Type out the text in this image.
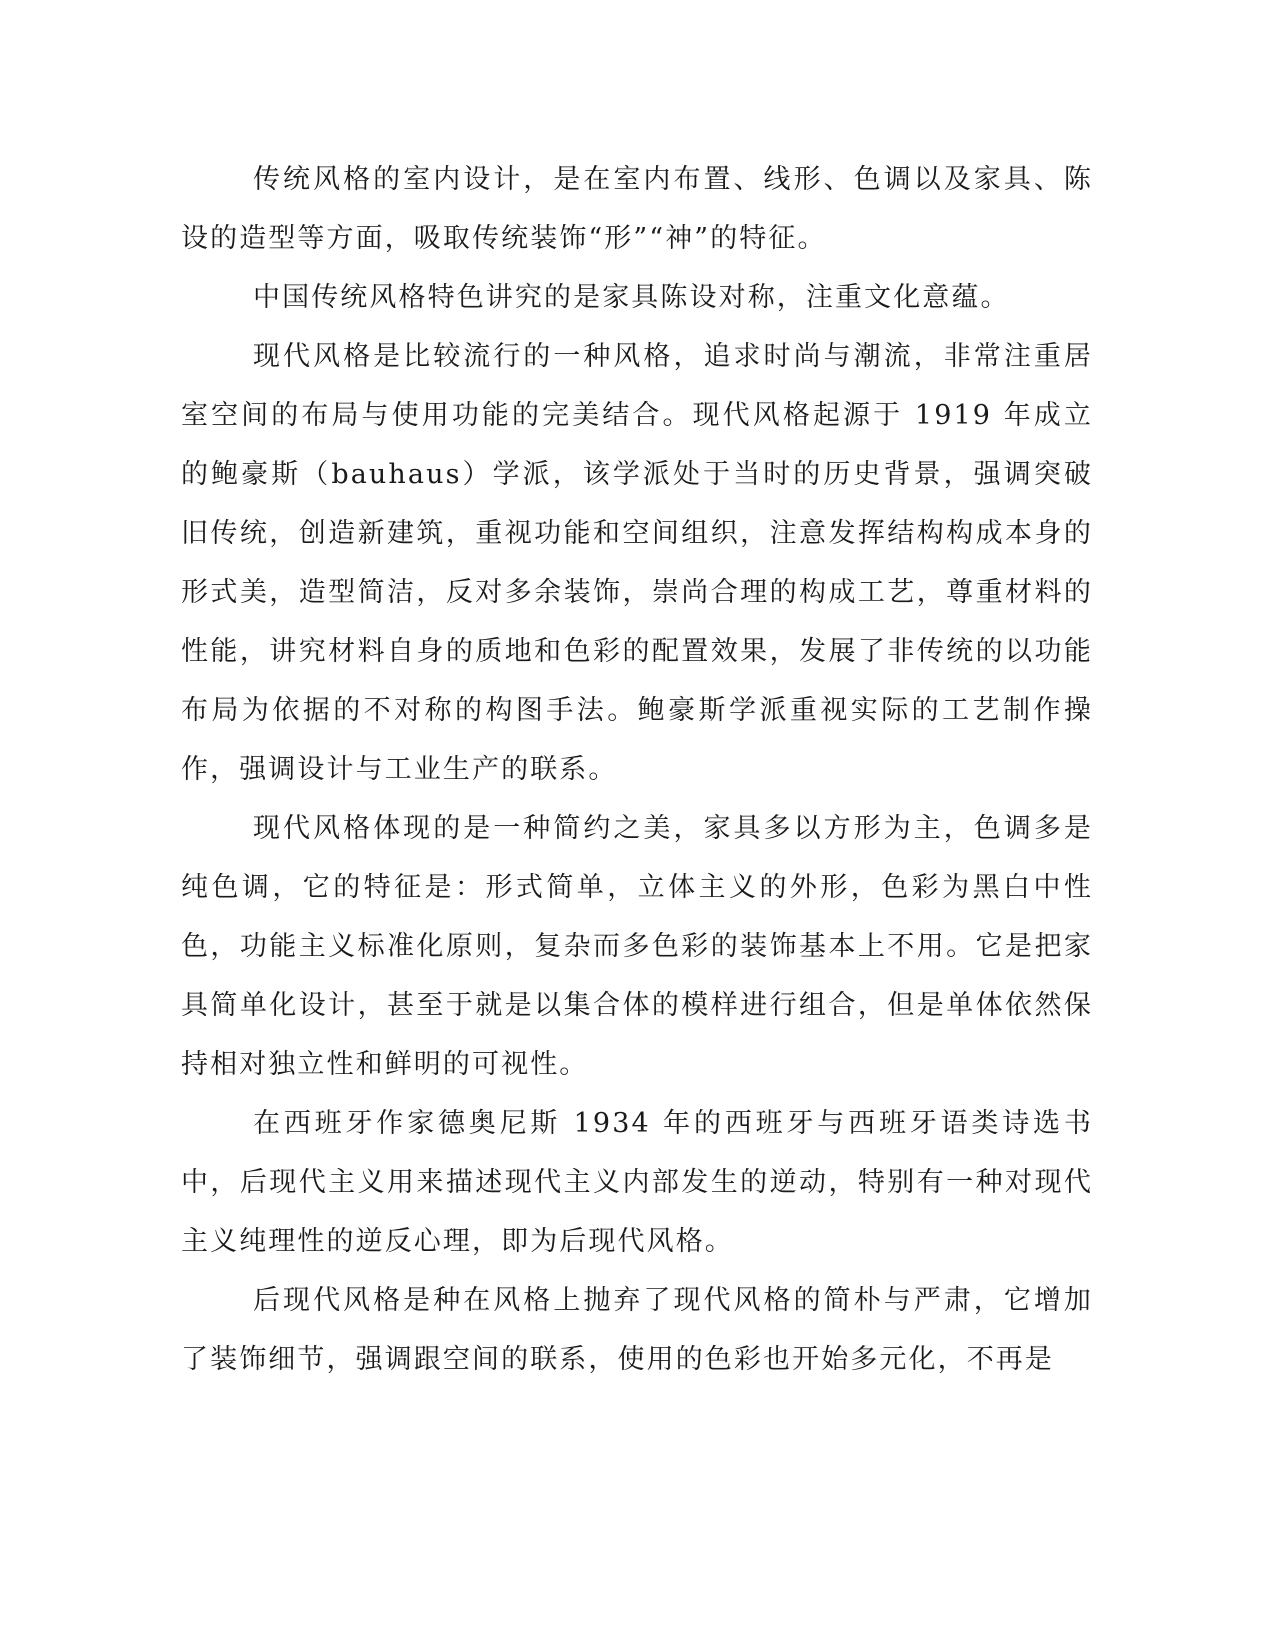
传统风格的室内设计，是在室内布置、线形、色调以及家具、陈设的造型等方面，吸取传统装饰“形”“神”的特征。

中国传统风格特色讲究的是家具陈设对称，注重文化意蕴。

现代风格是比较流行的一种风格，追求时尚与潮流，非常注重居室空间的布局与使用功能的完美结合。现代风格起源于 1919 年成立的鲍豪斯（bauhaus）学派，该学派处于当时的历史背景，强调突破旧传统，创造新建筑，重视功能和空间组织，注意发挥结构构成本身的形式美，造型简洁，反对多余装饰，崇尚合理的构成工艺，尊重材料的性能，讲究材料自身的质地和色彩的配置效果，发展了非传统的以功能布局为依据的不对称的构图手法。鲍豪斯学派重视实际的工艺制作操作，强调设计与工业生产的联系。

现代风格体现的是一种简约之美，家具多以方形为主，色调多是纯色调，它的特征是：形式简单，立体主义的外形，色彩为黑白中性色，功能主义标准化原则，复杂而多色彩的装饰基本上不用。它是把家具简单化设计，甚至于就是以集合体的模样进行组合，但是单体依然保持相对独立性和鲜明的可视性。

在西班牙作家德奥尼斯 1934 年的西班牙与西班牙语类诗选书中，后现代主义用来描述现代主义内部发生的逆动，特别有一种对现代主义纯理性的逆反心理，即为后现代风格。

后现代风格是种在风格上抛弃了现代风格的简朴与严肃，它增加了装饰细节，强调跟空间的联系，使用的色彩也开始多元化，不再是
